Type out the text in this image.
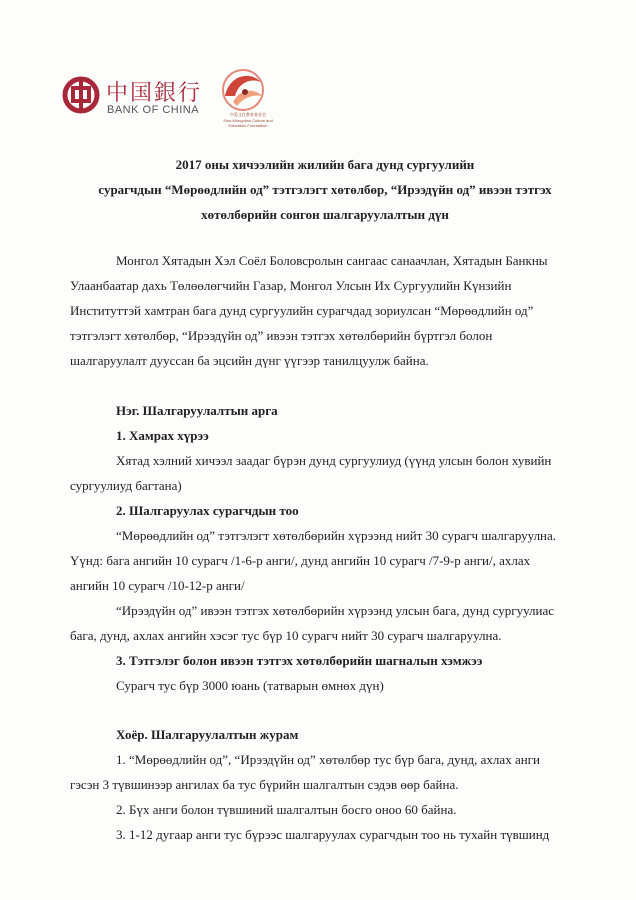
中国銀行
BANK OF CHINA	中蒙文化教育基金会
Sino-Mongolian Culture and Education Foundation
2017 оны хичээлийн жилийн бага дунд сургуулийн
сурагчдын “Мөрөөдлийн од” тэтгэлэгт хөтөлбөр, “Ирээдүйн од” ивээн тэтгэх
хөтөлбөрийн сонгон шалгаруулалтын дүн
Монгол Хятадын Хэл Соёл Боловсролын сангаас санаачлан, Хятадын Банкны
Улаанбаатар дахь Төлөөлөгчийн Газар, Монгол Улсын Их Сургуулийн Күнзийн
Институттэй хамтран бага дунд сургуулийн сурагчдад зориулсан “Мөрөөдлийн од”
тэтгэлэгт хөтөлбөр, “Ирээдүйн од” ивээн тэтгэх хөтөлбөрийн бүртгэл болон
шалгаруулалт дууссан ба эцсийн дүнг үүгээр танилцуулж байна.
Нэг. Шалгаруулалтын арга
1. Хамрах хүрээ
Хятад хэлний хичээл заадаг бүрэн дунд сургуулиуд (үүнд улсын болон хувийн
сургуулиуд багтана)
2. Шалгаруулах сурагчдын тоо
“Мөрөөдлийн од” тэтгэлэгт хөтөлбөрийн хүрээнд нийт 30 сурагч шалгаруулна.
Үүнд: бага ангийн 10 сурагч /1-6-р анги/, дунд ангийн 10 сурагч /7-9-р анги/, ахлах
ангийн 10 сурагч /10-12-р анги/
“Ирээдүйн од” ивээн тэтгэх хөтөлбөрийн хүрээнд улсын бага, дунд сургуулиас
бага, дунд, ахлах ангийн хэсэг тус бүр 10 сурагч нийт 30 сурагч шалгаруулна.
3. Тэтгэлэг болон ивээн тэтгэх хөтөлбөрийн шагналын хэмжээ
Сурагч тус бүр 3000 юань (татварын өмнөх дүн)
Хоёр. Шалгаруулалтын журам
1. “Мөрөөдлийн од”, “Ирээдүйн од” хөтөлбөр тус бүр бага, дунд, ахлах анги
гэсэн 3 түвшинээр ангилах ба тус бүрийн шалгалтын сэдэв өөр байна.
2. Бүх анги болон түвшиний шалгалтын босго оноо 60 байна.
3. 1-12 дугаар анги тус бүрээс шалгаруулах сурагчдын тоо нь тухайн түвшинд
